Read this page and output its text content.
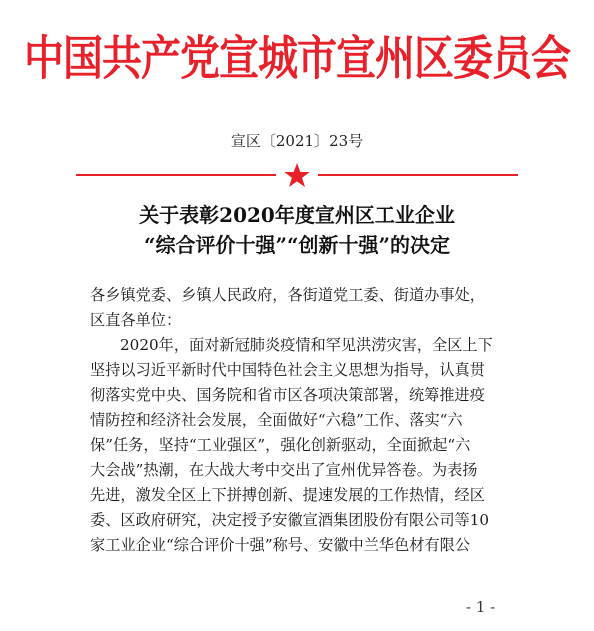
中国共产党宣城市宣州区委员会
宣区〔2021〕23号
关于表彰2020年度宣州区工业企业
“综合评价十强”“创新十强”的决定
各乡镇党委、乡镇人民政府，各街道党工委、街道办事处，
区直各单位：
2020年，面对新冠肺炎疫情和罕见洪涝灾害，全区上下
坚持以习近平新时代中国特色社会主义思想为指导，认真贯
彻落实党中央、国务院和省市区各项决策部署，统筹推进疫
情防控和经济社会发展，全面做好“六稳”工作、落实“六
保”任务，坚持“工业强区”，强化创新驱动，全面掀起“六
大会战”热潮，在大战大考中交出了宣州优异答卷。为表扬
先进，激发全区上下拼搏创新、提速发展的工作热情，经区
委、区政府研究，决定授予安徽宣酒集团股份有限公司等10
家工业企业“综合评价十强”称号、安徽中兰华色材有限公
- 1 -
